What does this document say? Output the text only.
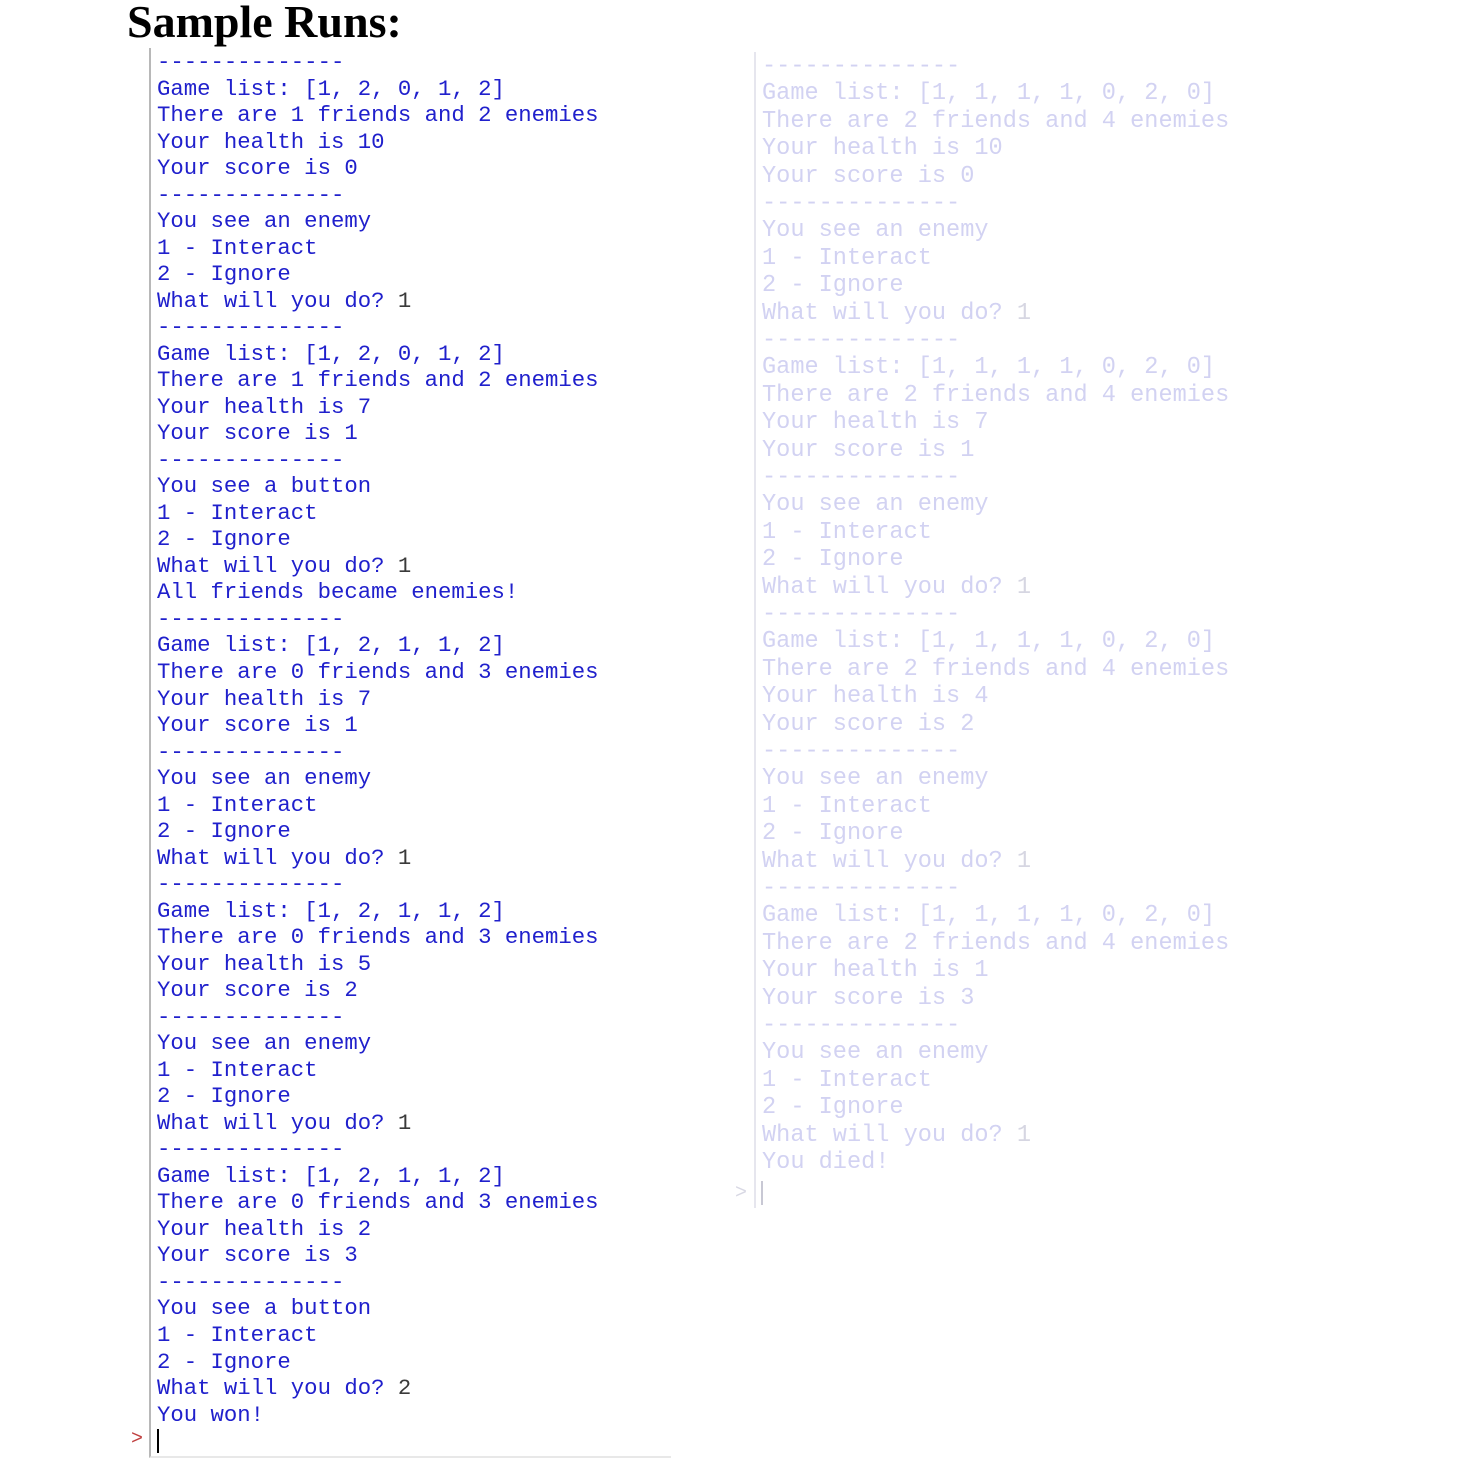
Sample Runs:
--------------
Game list: [1, 2, 0, 1, 2]
There are 1 friends and 2 enemies
Your health is 10
Your score is 0
--------------
You see an enemy
1 - Interact
2 - Ignore
What will you do? 1
--------------
Game list: [1, 2, 0, 1, 2]
There are 1 friends and 2 enemies
Your health is 7
Your score is 1
--------------
You see a button
1 - Interact
2 - Ignore
What will you do? 1
All friends became enemies!
--------------
Game list: [1, 2, 1, 1, 2]
There are 0 friends and 3 enemies
Your health is 7
Your score is 1
--------------
You see an enemy
1 - Interact
2 - Ignore
What will you do? 1
--------------
Game list: [1, 2, 1, 1, 2]
There are 0 friends and 3 enemies
Your health is 5
Your score is 2
--------------
You see an enemy
1 - Interact
2 - Ignore
What will you do? 1
--------------
Game list: [1, 2, 1, 1, 2]
There are 0 friends and 3 enemies
Your health is 2
Your score is 3
--------------
You see a button
1 - Interact
2 - Ignore
What will you do? 2
You won!
>
--------------
Game list: [1, 1, 1, 1, 0, 2, 0]
There are 2 friends and 4 enemies
Your health is 10
Your score is 0
--------------
You see an enemy
1 - Interact
2 - Ignore
What will you do? 1
--------------
Game list: [1, 1, 1, 1, 0, 2, 0]
There are 2 friends and 4 enemies
Your health is 7
Your score is 1
--------------
You see an enemy
1 - Interact
2 - Ignore
What will you do? 1
--------------
Game list: [1, 1, 1, 1, 0, 2, 0]
There are 2 friends and 4 enemies
Your health is 4
Your score is 2
--------------
You see an enemy
1 - Interact
2 - Ignore
What will you do? 1
--------------
Game list: [1, 1, 1, 1, 0, 2, 0]
There are 2 friends and 4 enemies
Your health is 1
Your score is 3
--------------
You see an enemy
1 - Interact
2 - Ignore
What will you do? 1
You died!
>
